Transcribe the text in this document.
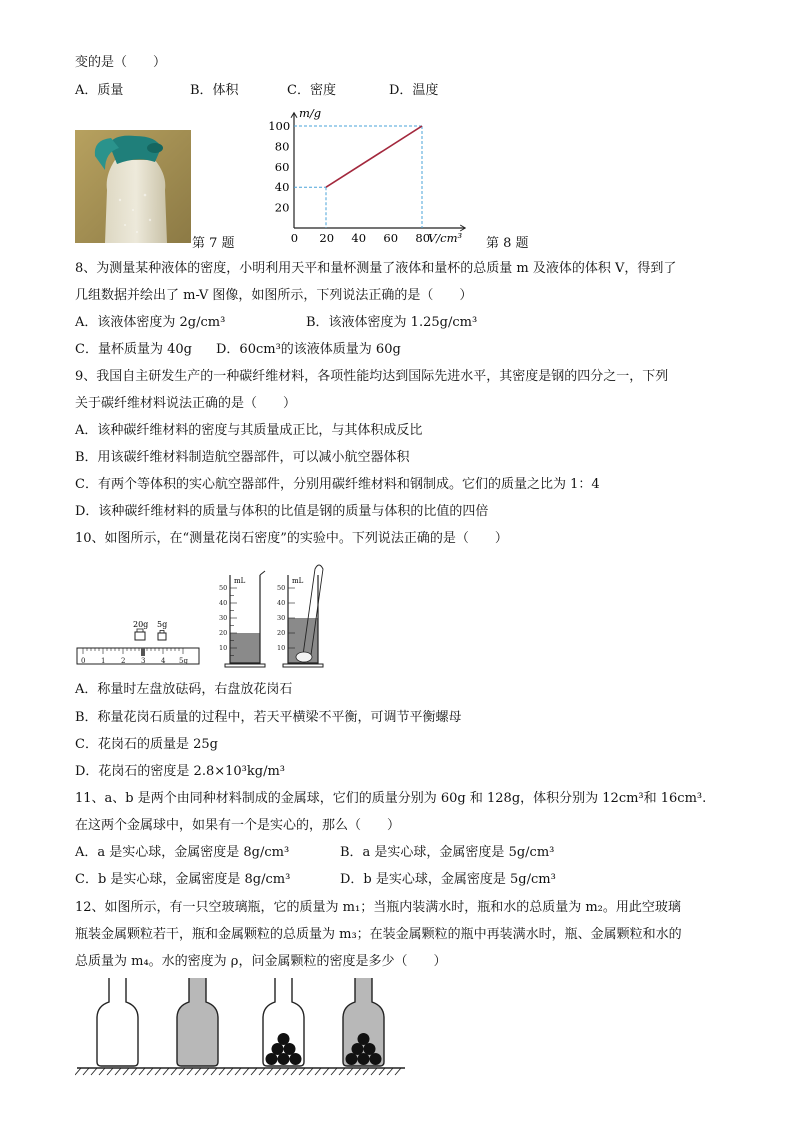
变的是（　　）
A．质量	B．体积	C．密度	D．温度
第 7 题	0 20 40 60 80
20
40
60
80
100
V/cm³
m/g
第 8 题
8、为测量某种液体的密度，小明利用天平和量杯测量了液体和量杯的总质量 m 及液体的体积 V，得到了
几组数据并绘出了 m-V 图像，如图所示，下列说法正确的是（　　）
A．该液体密度为 2g/cm³	B．该液体密度为 1.25g/cm³
C．量杯质量为 40g D．60cm³的该液体质量为 60g
9、我国自主研发生产的一种碳纤维材料，各项性能均达到国际先进水平，其密度是钢的四分之一，下列
关于碳纤维材料说法正确的是（　　）
A．该种碳纤维材料的密度与其质量成正比，与其体积成反比
B．用该碳纤维材料制造航空器部件，可以减小航空器体积
C．有两个等体积的实心航空器部件，分别用碳纤维材料和钢制成。它们的质量之比为 1：4
D．该种碳纤维材料的质量与体积的比值是钢的质量与体积的比值的四倍
10、如图所示，在“测量花岗石密度”的实验中。下列说法正确的是（　　）
20g 5g
0 1 2 3 4 5g
mL
50
40
30
20
10
mL
50
40
30
20
10
A．称量时左盘放砝码，右盘放花岗石
B．称量花岗石质量的过程中，若天平横梁不平衡，可调节平衡螺母
C．花岗石的质量是 25g
D．花岗石的密度是 2.8×10³kg/m³
11、a、b 是两个由同种材料制成的金属球，它们的质量分别为 60g 和 128g，体积分别为 12cm³和 16cm³.
在这两个金属球中，如果有一个是实心的，那么（　　）
A．a 是实心球，金属密度是 8g/cm³	B．a 是实心球，金属密度是 5g/cm³
C．b 是实心球，金属密度是 8g/cm³	D．b 是实心球，金属密度是 5g/cm³
12、如图所示，有一只空玻璃瓶，它的质量为 m₁；当瓶内装满水时，瓶和水的总质量为 m₂。用此空玻璃
瓶装金属颗粒若干，瓶和金属颗粒的总质量为 m₃；在装金属颗粒的瓶中再装满水时，瓶、金属颗粒和水的
总质量为 m₄。水的密度为 ρ，问金属颗粒的密度是多少（　　）
